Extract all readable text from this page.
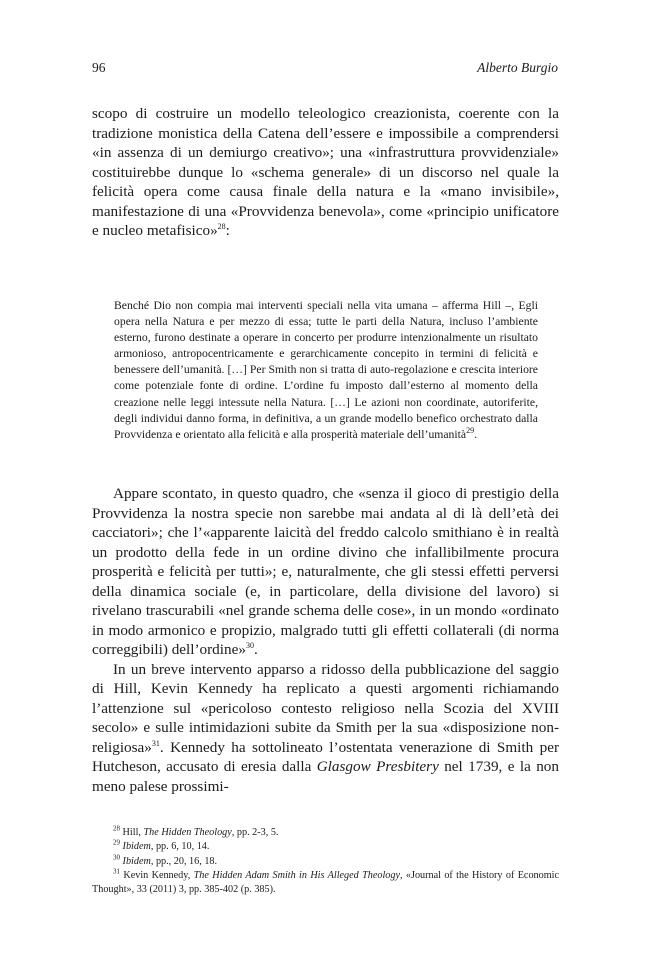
96	Alberto Burgio

scopo di costruire un modello teleologico creazionista, coerente con la tradizione monistica della Catena dell’essere e impossibile a comprendersi «in assenza di un demiurgo creativo»; una «infrastruttura provvidenziale» costituirebbe dunque lo «schema generale» di un discorso nel quale la felicità opera come causa finale della natura e la «mano invisibile», manifestazione di una «Provvidenza benevola», come «principio unificatore e nucleo metafisico»$^{28}$:

Benché Dio non compia mai interventi speciali nella vita umana – afferma Hill –, Egli opera nella Natura e per mezzo di essa; tutte le parti della Natura, incluso l’ambiente esterno, furono destinate a operare in concerto per produrre intenzionalmente un risultato armonioso, antropocentricamente e gerarchicamente concepito in termini di felicità e benessere dell’umanità. […] Per Smith non si tratta di auto-regolazione e crescita interiore come potenziale fonte di ordine. L’ordine fu imposto dall’esterno al momento della creazione nelle leggi intessute nella Natura. […] Le azioni non coordinate, autoriferite, degli individui danno forma, in definitiva, a un grande modello benefico orchestrato dalla Provvidenza e orientato alla felicità e alla prosperità materiale dell’umanità$^{29}$.

Appare scontato, in questo quadro, che «senza il gioco di prestigio della Provvidenza la nostra specie non sarebbe mai andata al di là dell’età dei cacciatori»; che l’«apparente laicità del freddo calcolo smithiano è in realtà un prodotto della fede in un ordine divino che infallibilmente procura prosperità e felicità per tutti»; e, naturalmente, che gli stessi effetti perversi della dinamica sociale (e, in particolare, della divisione del lavoro) si rivelano trascurabili «nel grande schema delle cose», in un mondo «ordinato in modo armonico e propizio, malgrado tutti gli effetti collaterali (di norma correggibili) dell’ordine»$^{30}$.

In un breve intervento apparso a ridosso della pubblicazione del saggio di Hill, Kevin Kennedy ha replicato a questi argomenti richiamando l’attenzione sul «pericoloso contesto religioso nella Scozia del XVIII secolo» e sulle intimidazioni subite da Smith per la sua «disposizione non-religiosa»$^{31}$. Kennedy ha sottolineato l’ostentata venerazione di Smith per Hutcheson, accusato di eresia dalla Glasgow Presbitery nel 1739, e la non meno palese prossimi-

$^{28}$ Hill, The Hidden Theology, pp. 2-3, 5.

$^{29}$ Ibidem, pp. 6, 10, 14.

$^{30}$ Ibidem, pp., 20, 16, 18.

$^{31}$ Kevin Kennedy, The Hidden Adam Smith in His Alleged Theology, «Journal of the History of Economic Thought», 33 (2011) 3, pp. 385-402 (p. 385).
